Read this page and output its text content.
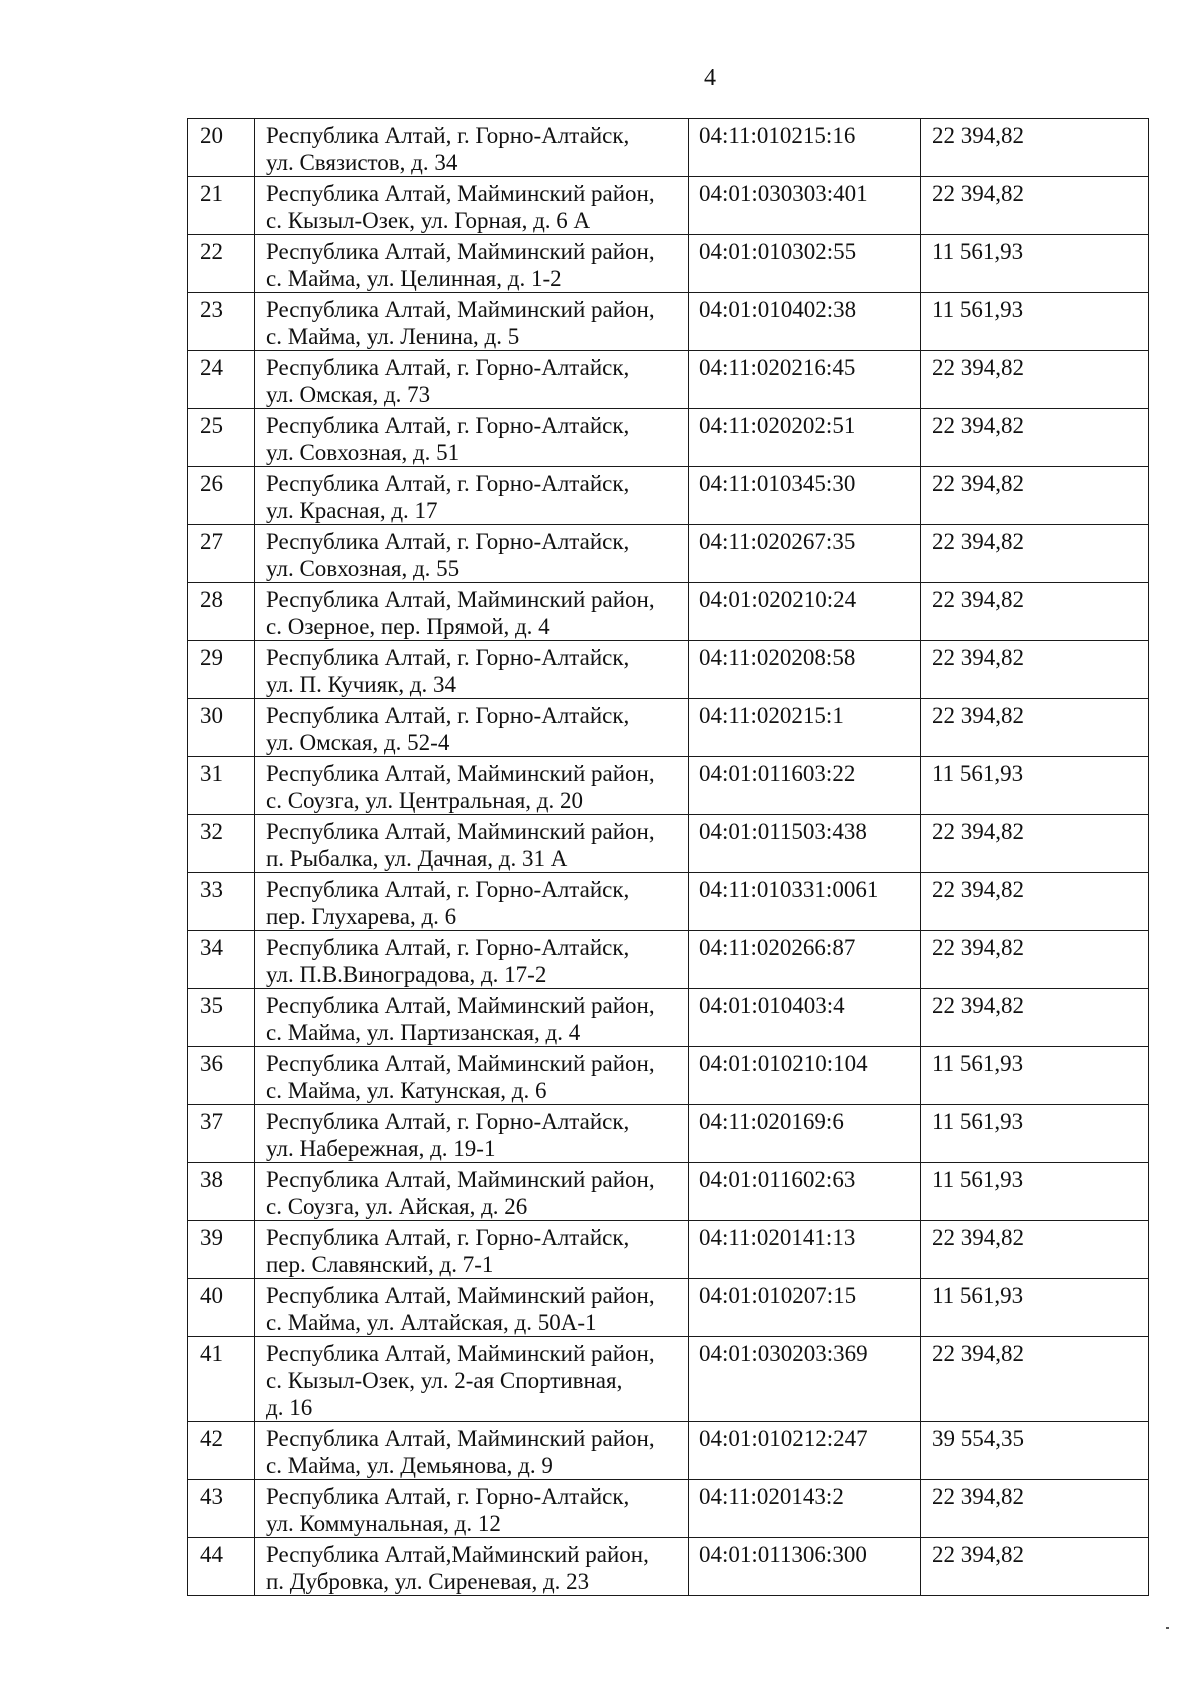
4
20	Республика Алтай, г. Горно-Алтайск,
ул. Связистов, д. 34	04:11:010215:16	22 394,82
21	Республика Алтай, Майминский район,
с. Кызыл-Озек, ул. Горная, д. 6 А	04:01:030303:401	22 394,82
22	Республика Алтай, Майминский район,
с. Майма, ул. Целинная, д. 1-2	04:01:010302:55	11 561,93
23	Республика Алтай, Майминский район,
с. Майма, ул. Ленина, д. 5	04:01:010402:38	11 561,93
24	Республика Алтай, г. Горно-Алтайск,
ул. Омская, д. 73	04:11:020216:45	22 394,82
25	Республика Алтай, г. Горно-Алтайск,
ул. Совхозная, д. 51	04:11:020202:51	22 394,82
26	Республика Алтай, г. Горно-Алтайск,
ул. Красная, д. 17	04:11:010345:30	22 394,82
27	Республика Алтай, г. Горно-Алтайск,
ул. Совхозная, д. 55	04:11:020267:35	22 394,82
28	Республика Алтай, Майминский район,
с. Озерное, пер. Прямой, д. 4	04:01:020210:24	22 394,82
29	Республика Алтай, г. Горно-Алтайск,
ул. П. Кучияк, д. 34	04:11:020208:58	22 394,82
30	Республика Алтай, г. Горно-Алтайск,
ул. Омская, д. 52-4	04:11:020215:1	22 394,82
31	Республика Алтай, Майминский район,
с. Соузга, ул. Центральная, д. 20	04:01:011603:22	11 561,93
32	Республика Алтай, Майминский район,
п. Рыбалка, ул. Дачная, д. 31 А	04:01:011503:438	22 394,82
33	Республика Алтай, г. Горно-Алтайск,
пер. Глухарева, д. 6	04:11:010331:0061	22 394,82
34	Республика Алтай, г. Горно-Алтайск,
ул. П.В.Виноградова, д. 17-2	04:11:020266:87	22 394,82
35	Республика Алтай, Майминский район,
с. Майма, ул. Партизанская, д. 4	04:01:010403:4	22 394,82
36	Республика Алтай, Майминский район,
с. Майма, ул. Катунская, д. 6	04:01:010210:104	11 561,93
37	Республика Алтай, г. Горно-Алтайск,
ул. Набережная, д. 19-1	04:11:020169:6	11 561,93
38	Республика Алтай, Майминский район,
с. Соузга, ул. Айская, д. 26	04:01:011602:63	11 561,93
39	Республика Алтай, г. Горно-Алтайск,
пер. Славянский, д. 7-1	04:11:020141:13	22 394,82
40	Республика Алтай, Майминский район,
с. Майма, ул. Алтайская, д. 50А-1	04:01:010207:15	11 561,93
41	Республика Алтай, Майминский район,
с. Кызыл-Озек, ул. 2-ая Спортивная,
д. 16	04:01:030203:369	22 394,82
42	Республика Алтай, Майминский район,
с. Майма, ул. Демьянова, д. 9	04:01:010212:247	39 554,35
43	Республика Алтай, г. Горно-Алтайск,
ул. Коммунальная, д. 12	04:11:020143:2	22 394,82
44	Республика Алтай,Майминский район,
п. Дубровка, ул. Сиреневая, д. 23	04:01:011306:300	22 394,82
